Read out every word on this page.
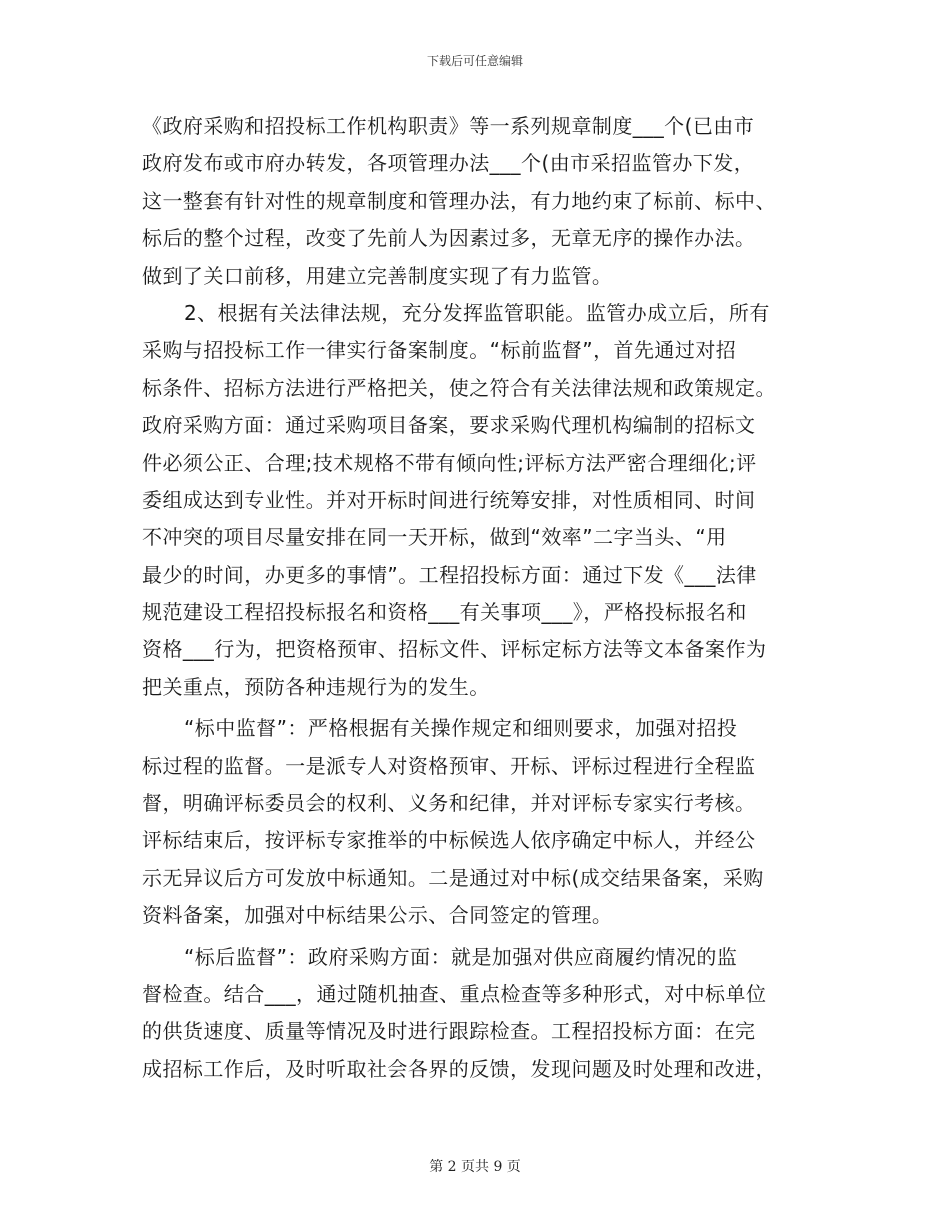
下载后可任意编辑
《政府采购和招投标工作机构职责》等一系列规章制度___个(已由市
政府发布或市府办转发，各项管理办法___个(由市采招监管办下发，
这一整套有针对性的规章制度和管理办法，有力地约束了标前、标中、
标后的整个过程，改变了先前人为因素过多，无章无序的操作办法。
做到了关口前移，用建立完善制度实现了有力监管。
2、根据有关法律法规，充分发挥监管职能。监管办成立后，所有
采购与招投标工作一律实行备案制度。“标前监督”，首先通过对招
标条件、招标方法进行严格把关，使之符合有关法律法规和政策规定。
政府采购方面：通过采购项目备案，要求采购代理机构编制的招标文
件必须公正、合理;技术规格不带有倾向性;评标方法严密合理细化;评
委组成达到专业性。并对开标时间进行统筹安排，对性质相同、时间
不冲突的项目尽量安排在同一天开标，做到“效率”二字当头、“用
最少的时间，办更多的事情”。工程招投标方面：通过下发《___法律
规范建设工程招投标报名和资格___有关事项___》，严格投标报名和
资格___行为，把资格预审、招标文件、评标定标方法等文本备案作为
把关重点，预防各种违规行为的发生。
“标中监督”：严格根据有关操作规定和细则要求，加强对招投
标过程的监督。一是派专人对资格预审、开标、评标过程进行全程监
督，明确评标委员会的权利、义务和纪律，并对评标专家实行考核。
评标结束后，按评标专家推举的中标候选人依序确定中标人，并经公
示无异议后方可发放中标通知。二是通过对中标(成交结果备案，采购
资料备案，加强对中标结果公示、合同签定的管理。
“标后监督”：政府采购方面：就是加强对供应商履约情况的监
督检查。结合___，通过随机抽查、重点检查等多种形式，对中标单位
的供货速度、质量等情况及时进行跟踪检查。工程招投标方面：在完
成招标工作后，及时听取社会各界的反馈，发现问题及时处理和改进，
第 2 页共 9 页
